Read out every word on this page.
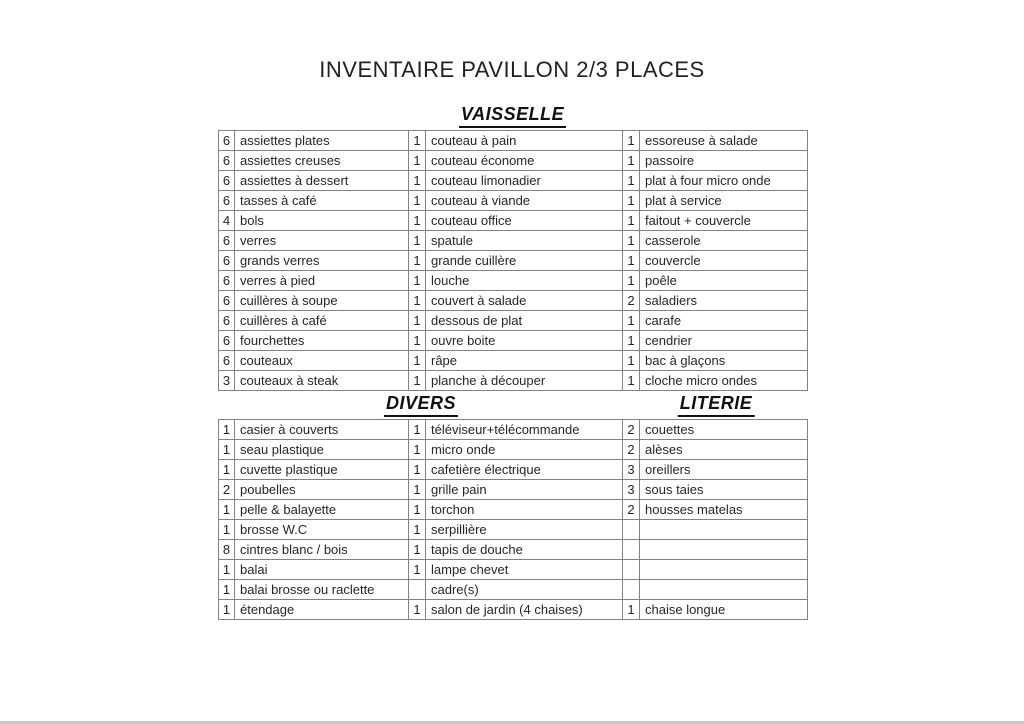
INVENTAIRE PAVILLON 2/3 PLACES
VAISSELLE
6	assiettes plates	1	couteau à pain	1	essoreuse à salade
6	assiettes creuses	1	couteau économe	1	passoire
6	assiettes à dessert	1	couteau limonadier	1	plat à four micro onde
6	tasses à café	1	couteau à viande	1	plat à service
4	bols	1	couteau office	1	faitout + couvercle
6	verres	1	spatule	1	casserole
6	grands verres	1	grande cuillère	1	couvercle
6	verres à pied	1	louche	1	poêle
6	cuillères à soupe	1	couvert à salade	2	saladiers
6	cuillères à café	1	dessous de plat	1	carafe
6	fourchettes	1	ouvre boite	1	cendrier
6	couteaux	1	râpe	1	bac à glaçons
3	couteaux à steak	1	planche à découper	1	cloche micro ondes
DIVERS	LITERIE
1	casier à couverts	1	téléviseur+télécommande	2	couettes
1	seau plastique	1	micro onde	2	alèses
1	cuvette plastique	1	cafetière électrique	3	oreillers
2	poubelles	1	grille pain	3	sous taies
1	pelle & balayette	1	torchon	2	housses matelas
1	brosse W.C	1	serpillière		
8	cintres blanc / bois	1	tapis de douche		
1	balai	1	lampe chevet		
1	balai brosse ou raclette		cadre(s)		
1	étendage	1	salon de jardin (4 chaises)	1	chaise longue
